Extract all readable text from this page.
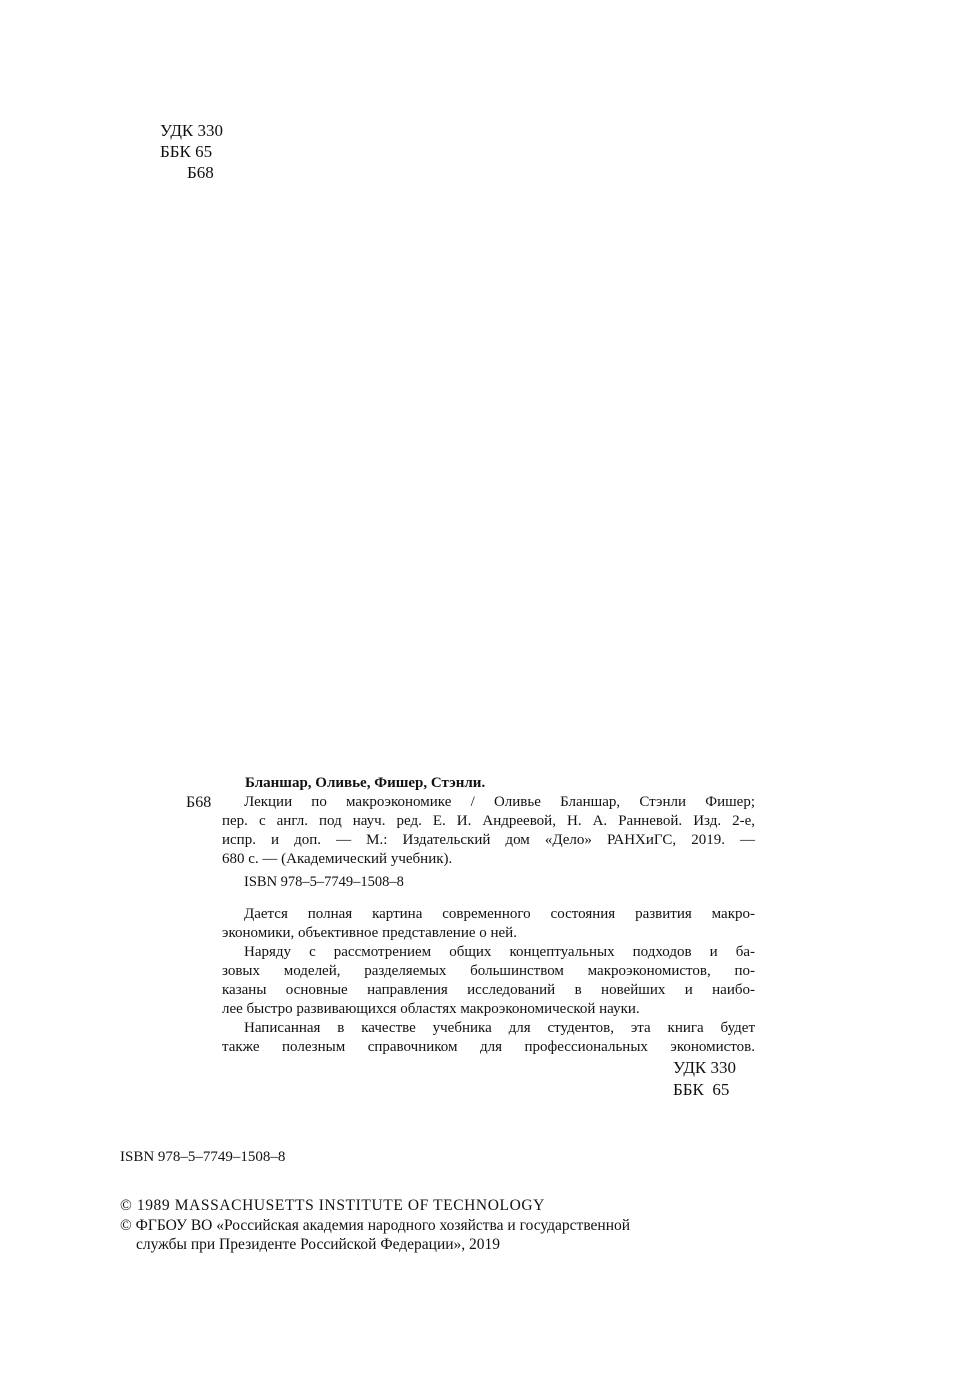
УДК 330
ББК 65
Б68
Бланшар, Оливье, Фишер, Стэнли.
Б68 Лекции по макроэкономике / Оливье Бланшар, Стэнли Фишер;
пер. с англ. под науч. ред. Е. И. Андреевой, Н. А. Ранневой. Изд. 2-е,
испр. и доп. — М.: Издательский дом «Дело» РАНХиГС, 2019. —
680 с. — (Академический учебник).
ISBN 978–5–7749–1508–8
Дается полная картина современного состояния развития макро-
экономики, объективное представление о ней.
Наряду с рассмотрением общих концептуальных подходов и ба-
зовых моделей, разделяемых большинством макроэкономистов, по-
казаны основные направления исследований в новейших и наибо-
лее быстро развивающихся областях макроэкономической науки.
Написанная в качестве учебника для студентов, эта книга будет
также полезным справочником для профессиональных экономистов.
УДК 330
ББК  65
ISBN 978–5–7749–1508–8
© 1989 MASSACHUSETTS INSTITUTE OF TECHNOLOGY
© ФГБОУ ВО «Российская академия народного хозяйства и государственной
службы при Президенте Российской Федерации», 2019
